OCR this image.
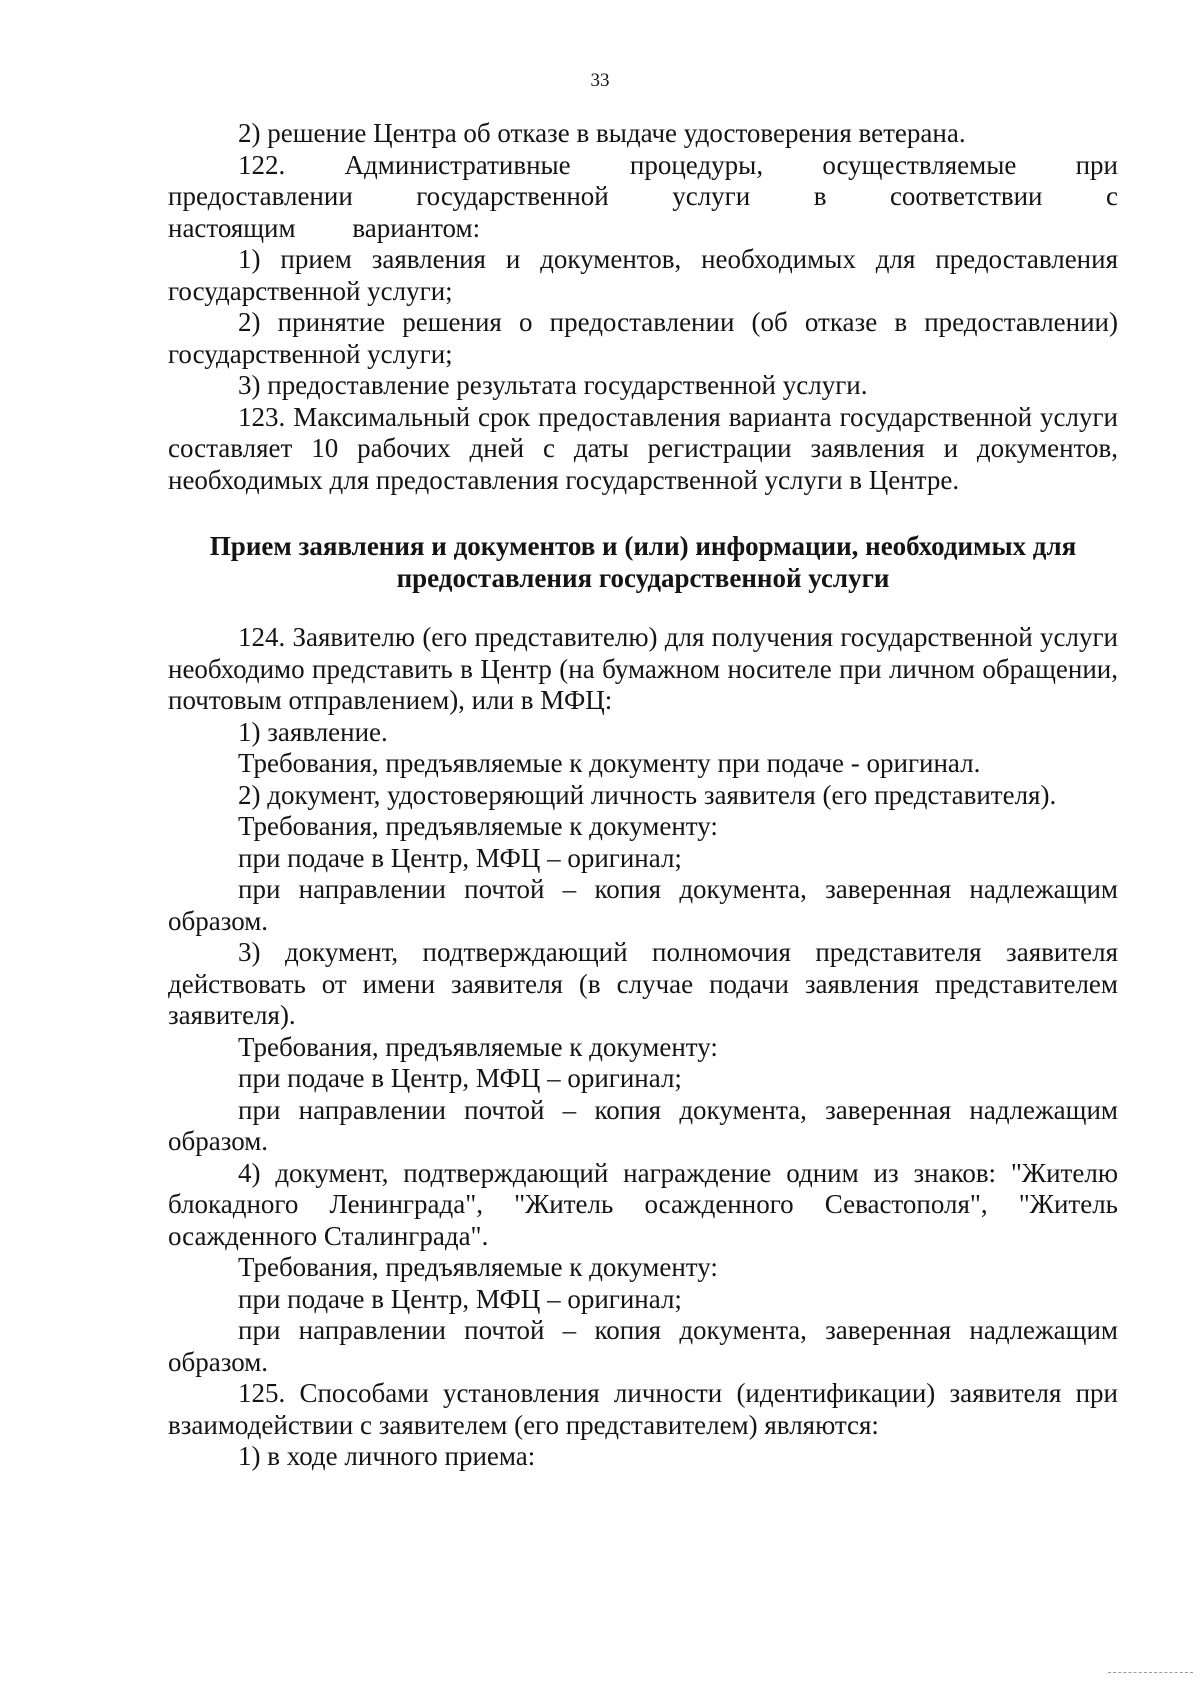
33

2) решение Центра об отказе в выдаче удостоверения ветерана.

122. Административные процедуры, осуществляемые при предоставлении государственной услуги в соответствии с настоящим вариантом:

1) прием заявления и документов, необходимых для предоставления государственной услуги;

2) принятие решения о предоставлении (об отказе в предоставлении) государственной услуги;

3) предоставление результата государственной услуги.

123. Максимальный срок предоставления варианта государственной услуги составляет 10 рабочих дней с даты регистрации заявления и документов, необходимых для предоставления государственной услуги в Центре.

Прием заявления и документов и (или) информации, необходимых для предоставления государственной услуги

124. Заявителю (его представителю) для получения государственной услуги необходимо представить в Центр (на бумажном носителе при личном обращении, почтовым отправлением), или в МФЦ:

1) заявление.

Требования, предъявляемые к документу при подаче - оригинал.

2) документ, удостоверяющий личность заявителя (его представителя).

Требования, предъявляемые к документу:

при подаче в Центр, МФЦ – оригинал;

при направлении почтой – копия документа, заверенная надлежащим образом.

3) документ, подтверждающий полномочия представителя заявителя действовать от имени заявителя (в случае подачи заявления представителем заявителя).

Требования, предъявляемые к документу:

при подаче в Центр, МФЦ – оригинал;

при направлении почтой – копия документа, заверенная надлежащим образом.

4) документ, подтверждающий награждение одним из знаков: "Жителю блокадного Ленинграда", "Житель осажденного Севастополя", "Житель осажденного Сталинграда".

Требования, предъявляемые к документу:

при подаче в Центр, МФЦ – оригинал;

при направлении почтой – копия документа, заверенная надлежащим образом.

125. Способами установления личности (идентификации) заявителя при взаимодействии с заявителем (его представителем) являются:

1) в ходе личного приема:
